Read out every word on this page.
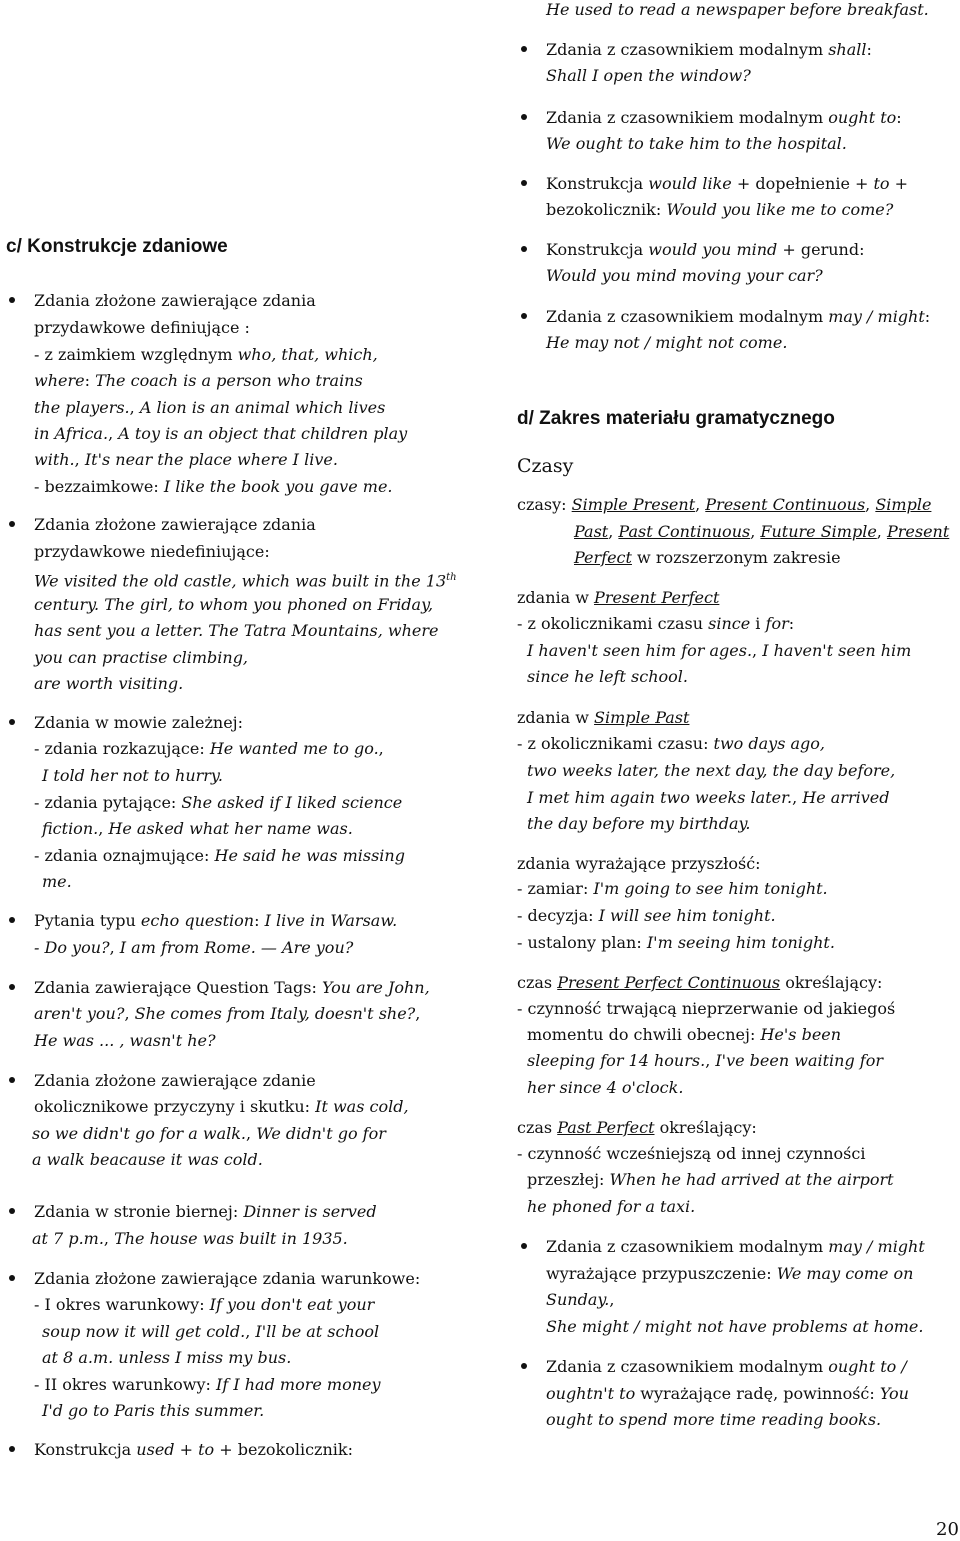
c/ Konstrukcje zdaniowe
Zdania złożone zawierające zdania
przydawkowe definiujące :
- z zaimkiem względnym who, that, which,
where: The coach is a person who trains
the players., A lion is an animal which lives
in Africa., A toy is an object that children play
with., It's near the place where I live.
- bezzaimkowe: I like the book you gave me.
Zdania złożone zawierające zdania
przydawkowe niedefiniujące:
We visited the old castle, which was built in the 13th
century. The girl, to whom you phoned on Friday,
has sent you a letter. The Tatra Mountains, where
you can practise climbing,
are worth visiting.
Zdania w mowie zależnej:
- zdania rozkazujące: He wanted me to go.,
I told her not to hurry.
- zdania pytające: She asked if I liked science
fiction., He asked what her name was.
- zdania oznajmujące: He said he was missing
me.
Pytania typu echo question: I live in Warsaw.
- Do you?, I am from Rome. — Are you?
Zdania zawierające Question Tags: You are John,
aren't you?, She comes from Italy, doesn't she?,
He was ... , wasn't he?
Zdania złożone zawierające zdanie
okolicznikowe przyczyny i skutku: It was cold,
so we didn't go for a walk., We didn't go for
a walk beacause it was cold.
Zdania w stronie biernej: Dinner is served
at 7 p.m., The house was built in 1935.
Zdania złożone zawierające zdania warunkowe:
- I okres warunkowy: If you don't eat your
soup now it will get cold., I'll be at school
at 8 a.m. unless I miss my bus.
- II okres warunkowy: If I had more money
I'd go to Paris this summer.
Konstrukcja used + to + bezokolicznik:
He used to read a newspaper before breakfast.
Zdania z czasownikiem modalnym shall:
Shall I open the window?
Zdania z czasownikiem modalnym ought to:
We ought to take him to the hospital.
Konstrukcja would like + dopełnienie + to +
bezokolicznik: Would you like me to come?
Konstrukcja would you mind + gerund:
Would you mind moving your car?
Zdania z czasownikiem modalnym may / might:
He may not / might not come.
d/ Zakres materiału gramatycznego
Czasy
czasy: Simple Present, Present Continuous, Simple
Past, Past Continuous, Future Simple, Present
Perfect w rozszerzonym zakresie
zdania w Present Perfect
- z okolicznikami czasu since i for:
I haven't seen him for ages., I haven't seen him
since he left school.
zdania w Simple Past
- z okolicznikami czasu: two days ago,
two weeks later, the next day, the day before,
I met him again two weeks later., He arrived
the day before my birthday.
zdania wyrażające przyszłość:
- zamiar: I'm going to see him tonight.
- decyzja: I will see him tonight.
- ustalony plan: I'm seeing him tonight.
czas Present Perfect Continuous określający:
- czynność trwającą nieprzerwanie od jakiegoś
momentu do chwili obecnej: He's been
sleeping for 14 hours., I've been waiting for
her since 4 o'clock.
czas Past Perfect określający:
- czynność wcześniejszą od innej czynności
przeszłej: When he had arrived at the airport
he phoned for a taxi.
Zdania z czasownikiem modalnym may / might
wyrażające przypuszczenie: We may come on
Sunday.,
She might / might not have problems at home.
Zdania z czasownikiem modalnym ought to /
oughtn't to wyrażające radę, powinność: You
ought to spend more time reading books.
20
